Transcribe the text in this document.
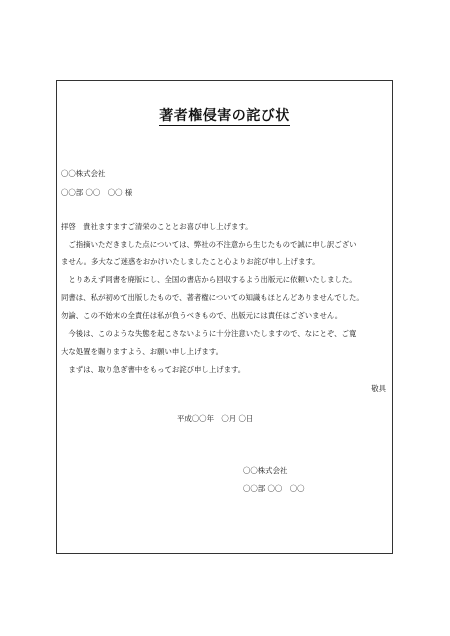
著者権侵害の詫び状
〇〇株式会社
〇〇部 〇〇　〇〇 様
拝啓　貴社ますますご清栄のこととお喜び申し上げます。
　ご指摘いただきました点については、弊社の不注意から生じたもので誠に申し訳ござい
ません。多大なご迷惑をおかけいたしましたこと心よりお詫び申し上げます。
　とりあえず同書を廃版にし、全国の書店から回収するよう出版元に依頼いたしました。
同書は、私が初めて出版したもので、著者権についての知識もほとんどありませんでした。
勿論、この不始末の全責任は私が負うべきもので、出版元には責任はございません。
　今後は、このような失態を起こさないように十分注意いたしますので、なにとぞ、ご寛
大な処置を賜りますよう、お願い申し上げます。
　まずは、取り急ぎ書中をもってお詫び申し上げます。
敬具
平成〇〇年　〇月 〇日
〇〇株式会社
〇〇部 〇〇　〇〇
